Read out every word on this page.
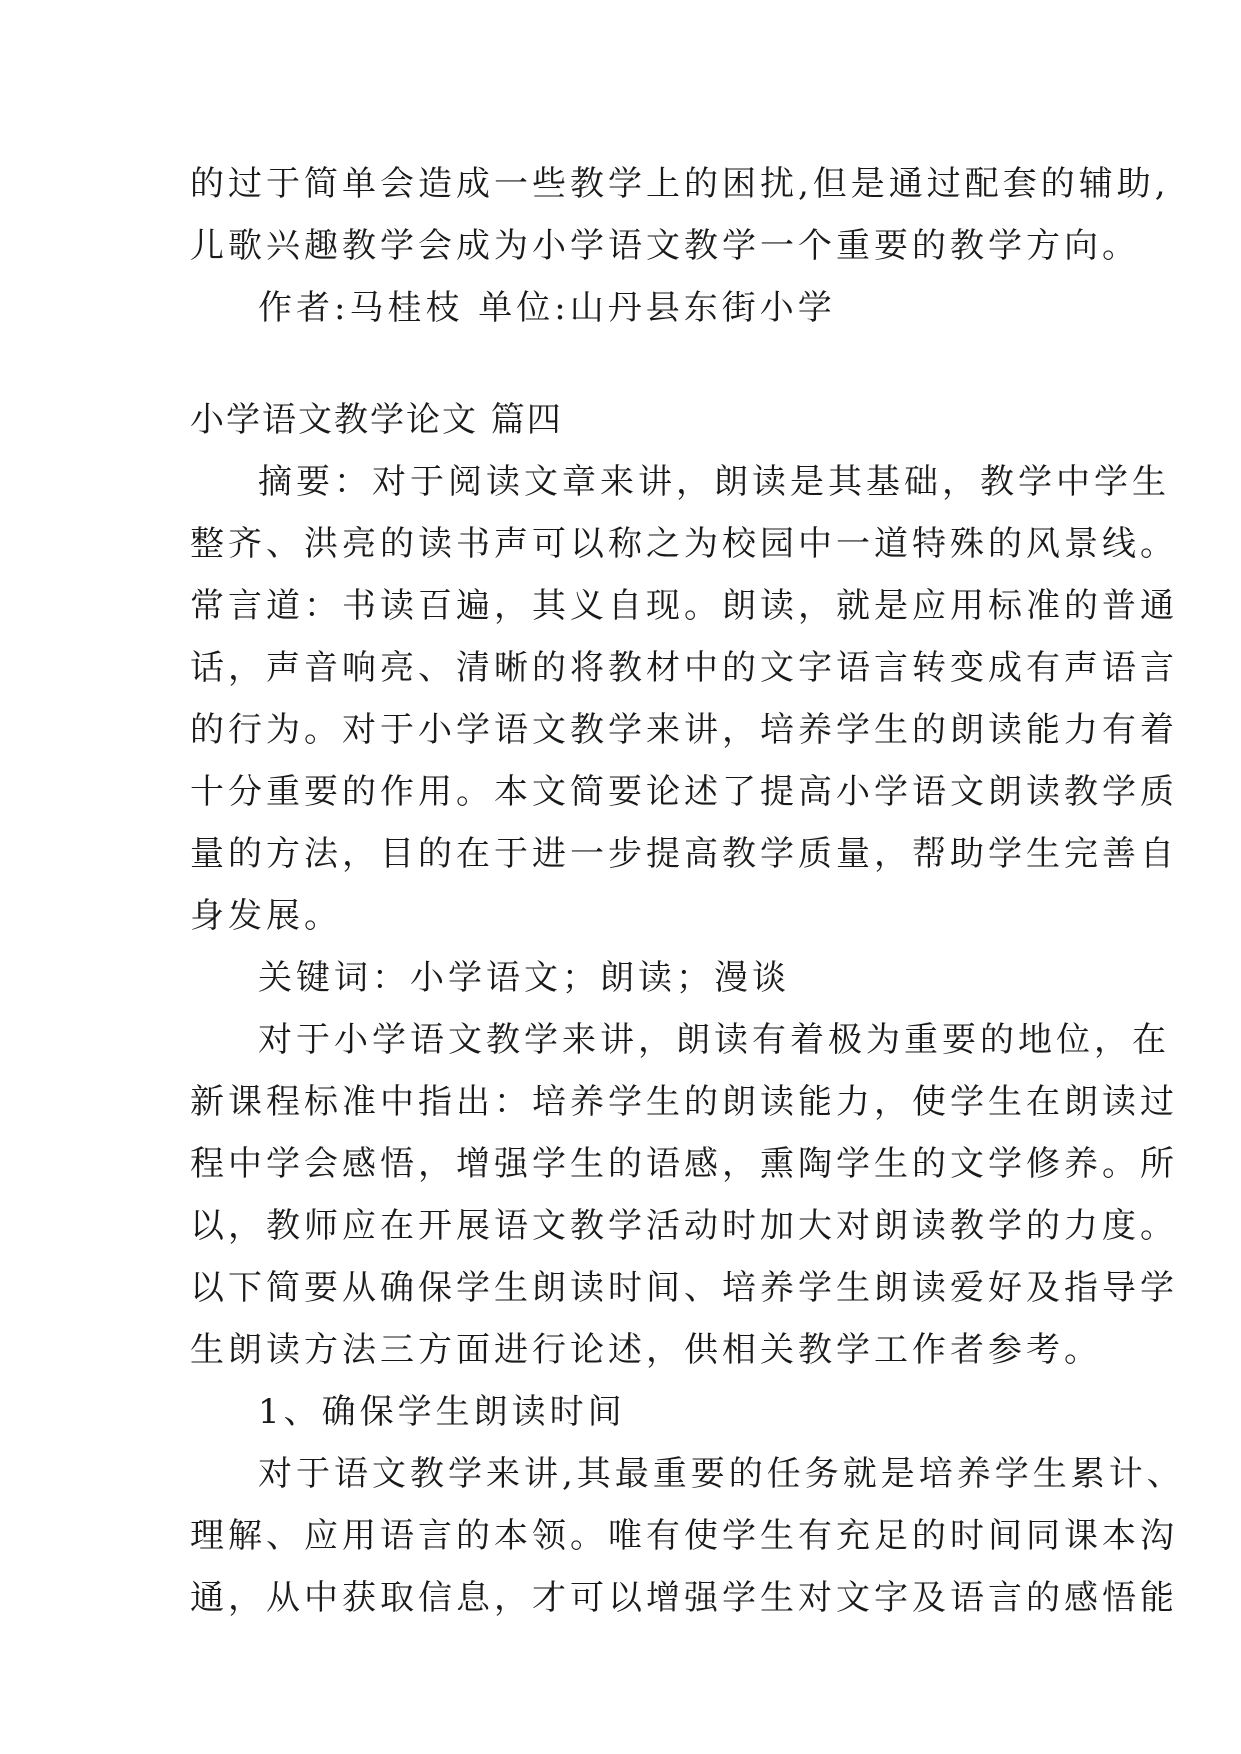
的过于简单会造成一些教学上的困扰,但是通过配套的辅助,
儿歌兴趣教学会成为小学语文教学一个重要的教学方向。
作者:马桂枝 单位:山丹县东街小学
小学语文教学论文 篇四
摘要：对于阅读文章来讲，朗读是其基础，教学中学生
整齐、洪亮的读书声可以称之为校园中一道特殊的风景线。
常言道：书读百遍，其义自现。朗读，就是应用标准的普通
话，声音响亮、清晰的将教材中的文字语言转变成有声语言
的行为。对于小学语文教学来讲，培养学生的朗读能力有着
十分重要的作用。本文简要论述了提高小学语文朗读教学质
量的方法，目的在于进一步提高教学质量，帮助学生完善自
身发展。
关键词：小学语文；朗读；漫谈
对于小学语文教学来讲，朗读有着极为重要的地位，在
新课程标准中指出：培养学生的朗读能力，使学生在朗读过
程中学会感悟，增强学生的语感，熏陶学生的文学修养。所
以，教师应在开展语文教学活动时加大对朗读教学的力度。
以下简要从确保学生朗读时间、培养学生朗读爱好及指导学
生朗读方法三方面进行论述，供相关教学工作者参考。
1、确保学生朗读时间
对于语文教学来讲,其最重要的任务就是培养学生累计、
理解、应用语言的本领。唯有使学生有充足的时间同课本沟
通，从中获取信息，才可以增强学生对文字及语言的感悟能
